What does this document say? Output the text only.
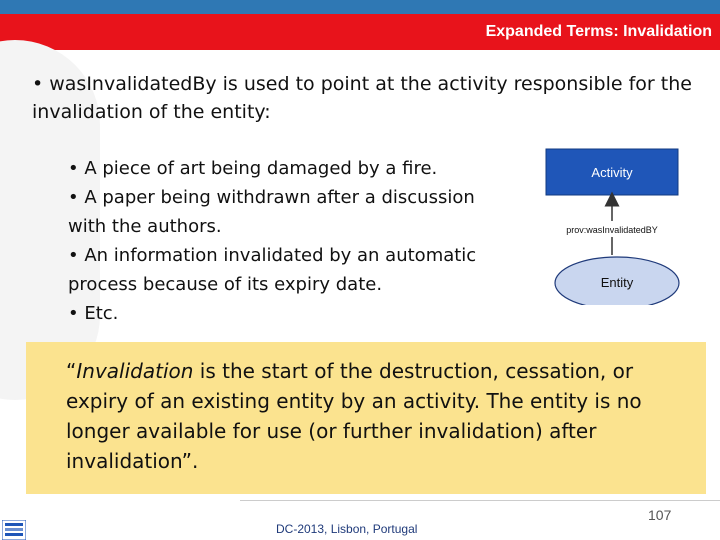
Expanded Terms: Invalidation
• wasInvalidatedBy is used to point at the activity responsible for the invalidation of the entity:
• A piece of art being damaged by a fire.
• A paper being withdrawn after a discussion with the authors.
• An information invalidated by an automatic process because of its expiry date.
• Etc.
Activity
prov:wasInvalidatedBY
Entity
“Invalidation is the start of the destruction, cessation, or expiry of an existing entity by an activity. The entity is no longer available for use (or further invalidation) after invalidation”.
107
DC-2013, Lisbon, Portugal
